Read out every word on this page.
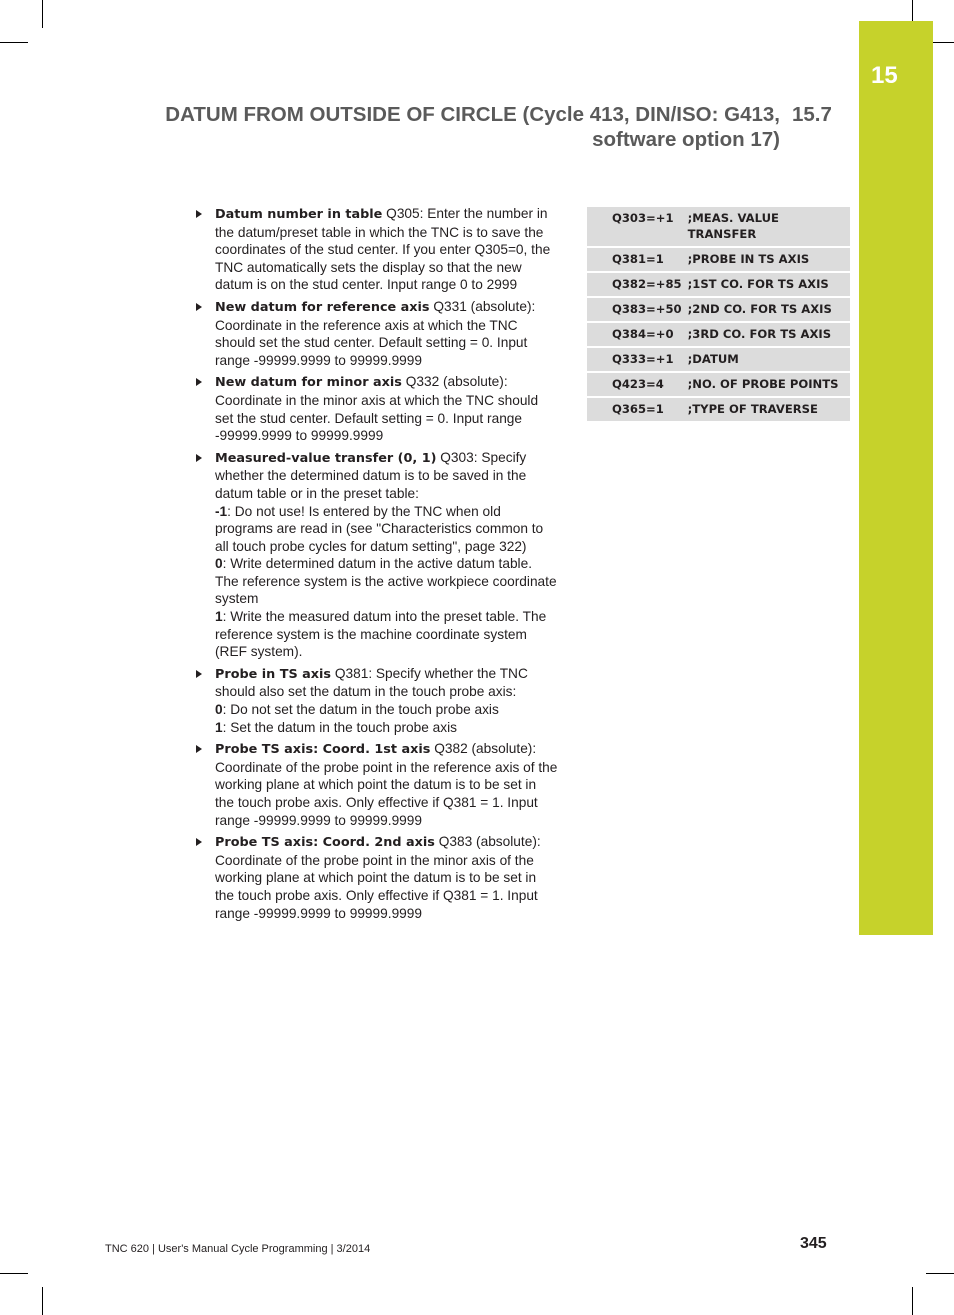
15
DATUM FROM OUTSIDE OF CIRCLE (Cycle 413, DIN/ISO: G413,
software option 17)
15.7
Datum number in table Q305: Enter the number in the datum/preset table in which the TNC is to save the coordinates of the stud center. If you enter Q305=0, the TNC automatically sets the display so that the new datum is on the stud center. Input range 0 to 2999
New datum for reference axis Q331 (absolute): Coordinate in the reference axis at which the TNC should set the stud center. Default setting = 0. Input range -99999.9999 to 99999.9999
New datum for minor axis Q332 (absolute): Coordinate in the minor axis at which the TNC should set the stud center. Default setting = 0. Input range -99999.9999 to 99999.9999
Measured-value transfer (0, 1) Q303: Specify whether the determined datum is to be saved in the datum table or in the preset table:
-1: Do not use! Is entered by the TNC when old programs are read in (see "Characteristics common to all touch probe cycles for datum setting", page 322)
0: Write determined datum in the active datum table. The reference system is the active workpiece coordinate system
1: Write the measured datum into the preset table. The reference system is the machine coordinate system (REF system).
Probe in TS axis Q381: Specify whether the TNC should also set the datum in the touch probe axis:
0: Do not set the datum in the touch probe axis
1: Set the datum in the touch probe axis
Probe TS axis: Coord. 1st axis Q382 (absolute): Coordinate of the probe point in the reference axis of the working plane at which point the datum is to be set in the touch probe axis. Only effective if Q381 = 1. Input range -99999.9999 to 99999.9999
Probe TS axis: Coord. 2nd axis Q383 (absolute): Coordinate of the probe point in the minor axis of the working plane at which point the datum is to be set in the touch probe axis. Only effective if Q381 = 1. Input range -99999.9999 to 99999.9999
Q303=+1	;MEAS. VALUE
TRANSFER

Q381=1	;PROBE IN TS AXIS
Q382=+85	;1ST CO. FOR TS AXIS
Q383=+50	;2ND CO. FOR TS AXIS
Q384=+0	;3RD CO. FOR TS AXIS
Q333=+1	;DATUM
Q423=4	;NO. OF PROBE POINTS
Q365=1	;TYPE OF TRAVERSE
TNC 620 | User's Manual Cycle Programming | 3/2014	345
